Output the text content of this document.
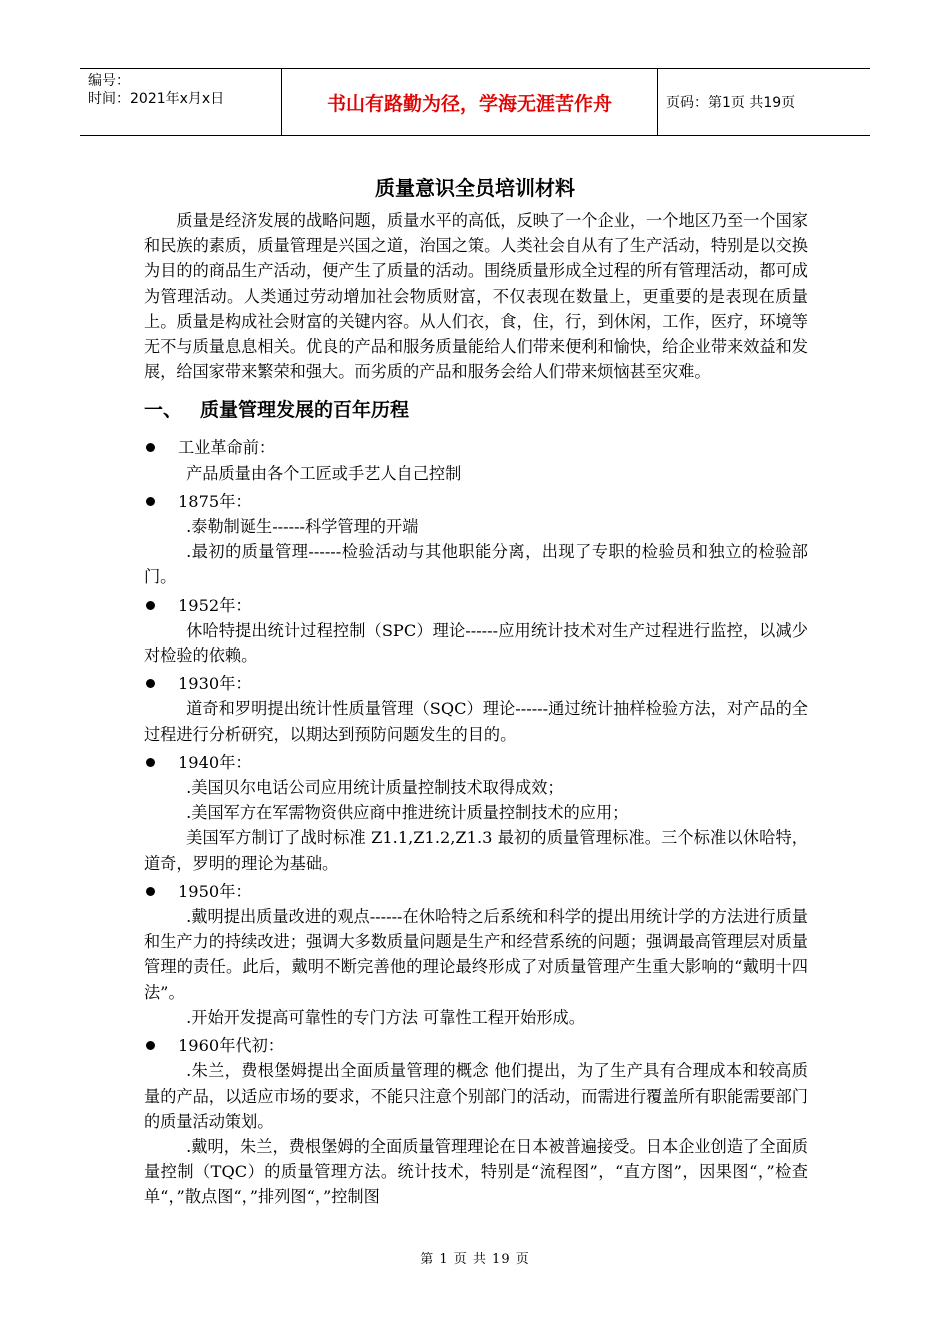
编号：
时间：2021年x月x日	书山有路勤为径，学海无涯苦作舟	页码：第1页 共19页
质量意识全员培训材料

质量是经济发展的战略问题，质量水平的高低，反映了一个企业，一个地区乃至一个国家和民族的素质，质量管理是兴国之道，治国之策。人类社会自从有了生产活动，特别是以交换为目的的商品生产活动，便产生了质量的活动。围绕质量形成全过程的所有管理活动，都可成为管理活动。人类通过劳动增加社会物质财富，不仅表现在数量上，更重要的是表现在质量上。质量是构成社会财富的关键内容。从人们衣，食，住，行，到休闲，工作，医疗，环境等无不与质量息息相关。优良的产品和服务质量能给人们带来便利和愉快，给企业带来效益和发展，给国家带来繁荣和强大。而劣质的产品和服务会给人们带来烦恼甚至灾难。

一、 质量管理发展的百年历程
工业革命前：

产品质量由各个工匠或手艺人自己控制

1875年：

.泰勒制诞生------科学管理的开端

.最初的质量管理------检验活动与其他职能分离，出现了专职的检验员和独立的检验部门。

1952年：

休哈特提出统计过程控制（SPC）理论------应用统计技术对生产过程进行监控，以减少对检验的依赖。

1930年：

道奇和罗明提出统计性质量管理（SQC）理论------通过统计抽样检验方法，对产品的全过程进行分析研究，以期达到预防问题发生的目的。

1940年：

.美国贝尔电话公司应用统计质量控制技术取得成效；

.美国军方在军需物资供应商中推进统计质量控制技术的应用；

美国军方制订了战时标准 Z1.1,Z1.2,Z1.3 最初的质量管理标准。三个标准以休哈特，道奇，罗明的理论为基础。

1950年：

.戴明提出质量改进的观点------在休哈特之后系统和科学的提出用统计学的方法进行质量和生产力的持续改进；强调大多数质量问题是生产和经营系统的问题；强调最高管理层对质量管理的责任。此后，戴明不断完善他的理论最终形成了对质量管理产生重大影响的“戴明十四法”。

.开始开发提高可靠性的专门方法 可靠性工程开始形成。

1960年代初：

.朱兰，费根堡姆提出全面质量管理的概念 他们提出，为了生产具有合理成本和较高质量的产品，以适应市场的要求，不能只注意个别部门的活动，而需进行覆盖所有职能需要部门的质量活动策划。

.戴明，朱兰，费根堡姆的全面质量管理理论在日本被普遍接受。日本企业创造了全面质量控制（TQC）的质量管理方法。统计技术，特别是“流程图”，“直方图”，因果图“，”检查单“，”散点图“，”排列图“，”控制图

第 1 页 共 19 页
